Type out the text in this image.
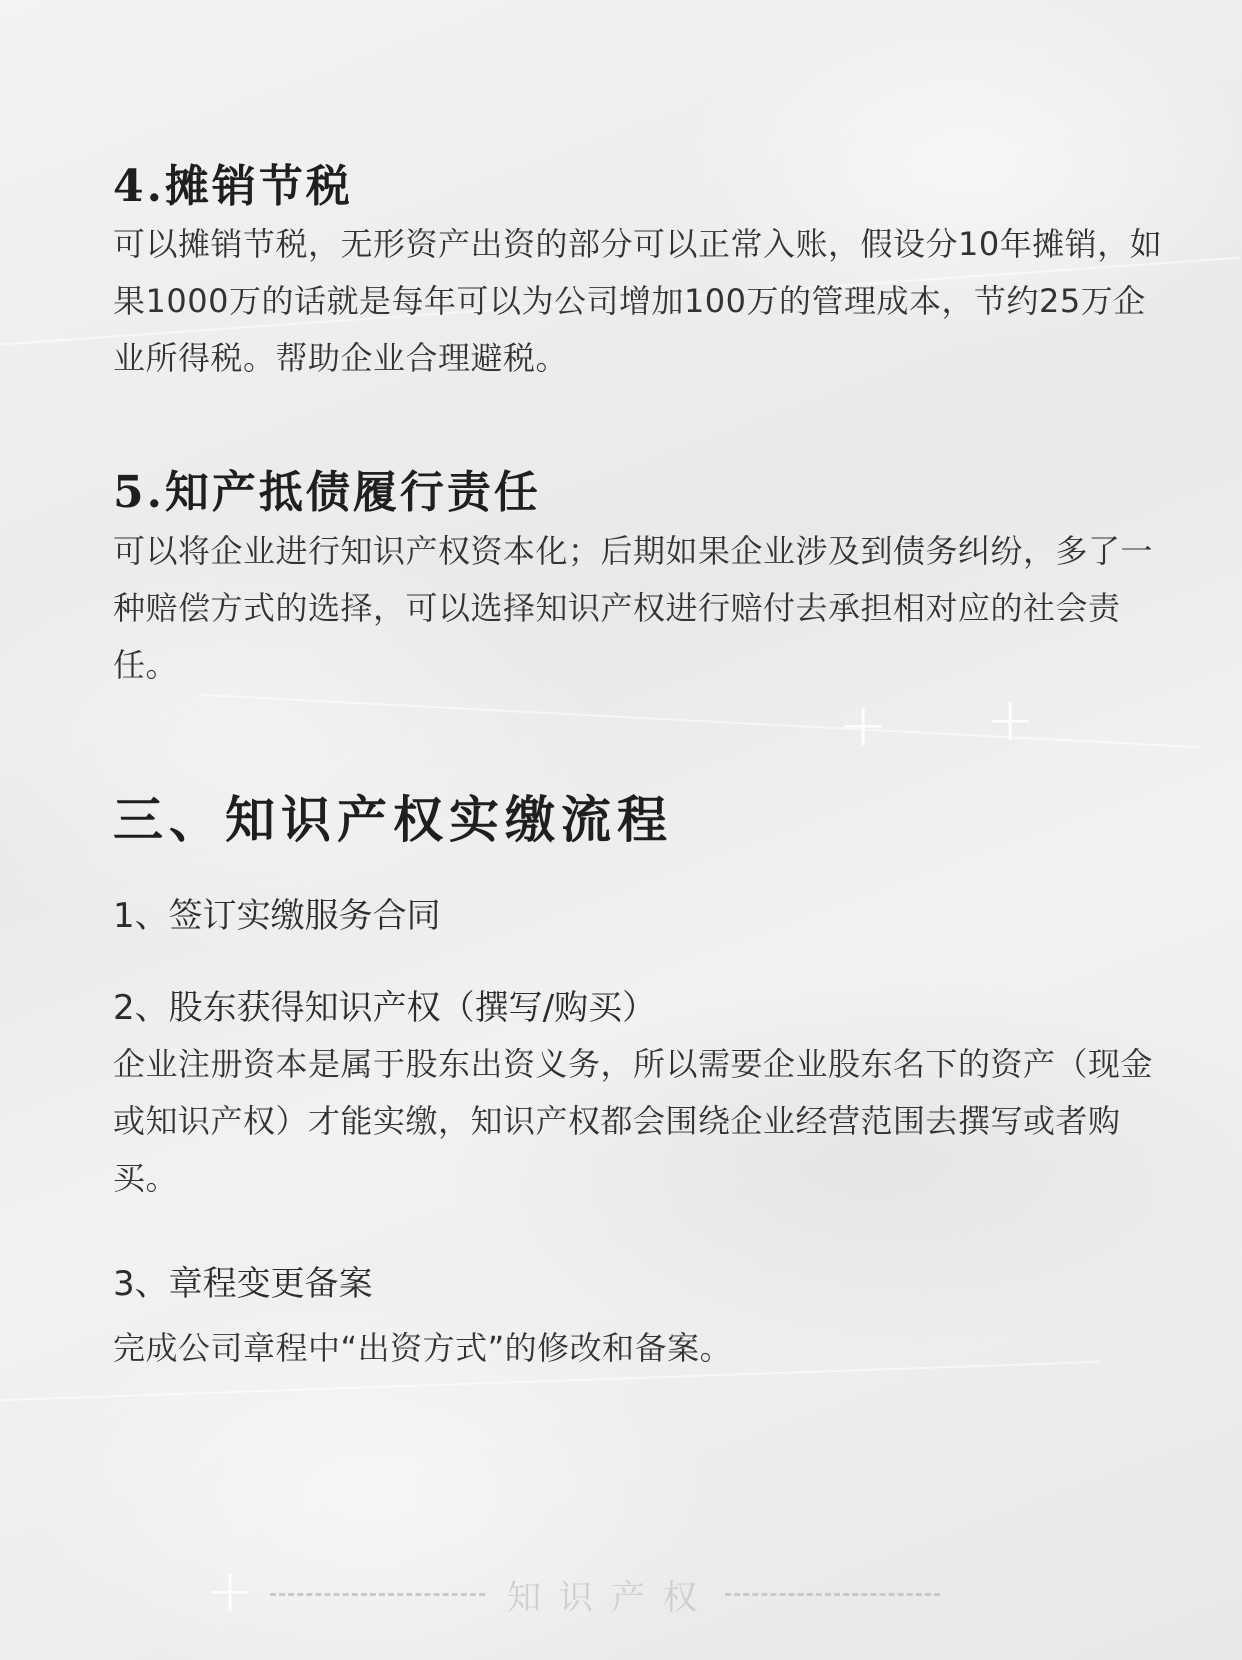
+ +
+
4.摊销节税

可以摊销节税，无形资产出资的部分可以正常入账，假设分10年摊销，如果1000万的话就是每年可以为公司增加100万的管理成本，节约25万企业所得税。帮助企业合理避税。

5.知产抵债履行责任

可以将企业进行知识产权资本化；后期如果企业涉及到债务纠纷，多了一种赔偿方式的选择，可以选择知识产权进行赔付去承担相对应的社会责任。

三、知识产权实缴流程

1、签订实缴服务合同

2、股东获得知识产权（撰写/购买）

企业注册资本是属于股东出资义务，所以需要企业股东名下的资产（现金或知识产权）才能实缴，知识产权都会围绕企业经营范围去撰写或者购买。

3、章程变更备案

完成公司章程中“出资方式”的修改和备案。

知识产权
